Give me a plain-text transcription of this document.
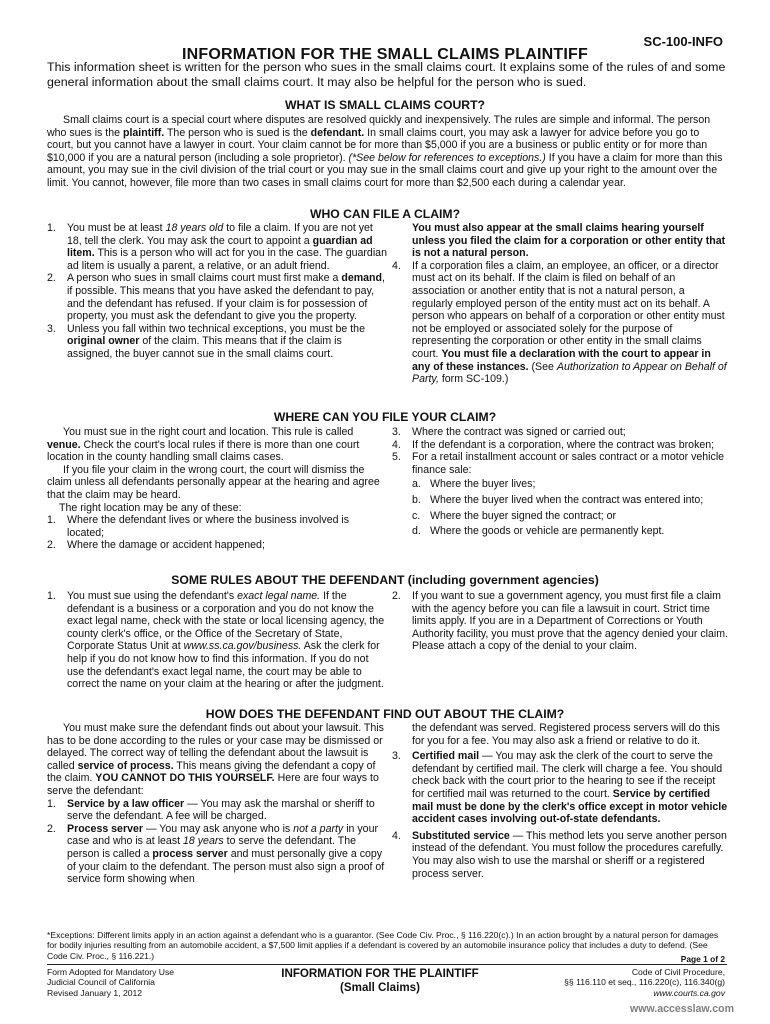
SC-100-INFO
INFORMATION FOR THE SMALL CLAIMS PLAINTIFF
This information sheet is written for the person who sues in the small claims court. It explains some of the rules of and some general information about the small claims court. It may also be helpful for the person who is sued.
WHAT IS SMALL CLAIMS COURT?
Small claims court is a special court where disputes are resolved quickly and inexpensively. The rules are simple and informal. The person who sues is the plaintiff. The person who is sued is the defendant. In small claims court, you may ask a lawyer for advice before you go to court, but you cannot have a lawyer in court. Your claim cannot be for more than $5,000 if you are a business or public entity or for more than $10,000 if you are a natural person (including a sole proprietor). (*See below for references to exceptions.) If you have a claim for more than this amount, you may sue in the civil division of the trial court or you may sue in the small claims court and give up your right to the amount over the limit. You cannot, however, file more than two cases in small claims court for more than $2,500 each during a calendar year.
WHO CAN FILE A CLAIM?
1. You must be at least 18 years old to file a claim. If you are not yet 18, tell the clerk. You may ask the court to appoint a guardian ad litem. This is a person who will act for you in the case. The guardian ad litem is usually a parent, a relative, or an adult friend.
2. A person who sues in small claims court must first make a demand, if possible. This means that you have asked the defendant to pay, and the defendant has refused. If your claim is for possession of property, you must ask the defendant to give you the property.
3. Unless you fall within two technical exceptions, you must be the original owner of the claim. This means that if the claim is assigned, the buyer cannot sue in the small claims court.
You must also appear at the small claims hearing yourself unless you filed the claim for a corporation or other entity that is not a natural person.
4. If a corporation files a claim, an employee, an officer, or a director must act on its behalf. If the claim is filed on behalf of an association or another entity that is not a natural person, a regularly employed person of the entity must act on its behalf. A person who appears on behalf of a corporation or other entity must not be employed or associated solely for the purpose of representing the corporation or other entity in the small claims court. You must file a declaration with the court to appear in any of these instances. (See Authorization to Appear on Behalf of Party, form SC-109.)
WHERE CAN YOU FILE YOUR CLAIM?
You must sue in the right court and location. This rule is called venue. Check the court's local rules if there is more than one court location in the county handling small claims cases.
If you file your claim in the wrong court, the court will dismiss the claim unless all defendants personally appear at the hearing and agree that the claim may be heard.
The right location may be any of these:
1. Where the defendant lives or where the business involved is located;
2. Where the damage or accident happened;
3. Where the contract was signed or carried out;
4. If the defendant is a corporation, where the contract was broken;
5. For a retail installment account or sales contract or a motor vehicle finance sale:
a. Where the buyer lives;
b. Where the buyer lived when the contract was entered into;
c. Where the buyer signed the contract; or
d. Where the goods or vehicle are permanently kept.
SOME RULES ABOUT THE DEFENDANT (including government agencies)
1. You must sue using the defendant's exact legal name. If the defendant is a business or a corporation and you do not know the exact legal name, check with the state or local licensing agency, the county clerk's office, or the Office of the Secretary of State, Corporate Status Unit at www.ss.ca.gov/business. Ask the clerk for help if you do not know how to find this information. If you do not use the defendant's exact legal name, the court may be able to correct the name on your claim at the hearing or after the judgment.
2. If you want to sue a government agency, you must first file a claim with the agency before you can file a lawsuit in court. Strict time limits apply. If you are in a Department of Corrections or Youth Authority facility, you must prove that the agency denied your claim. Please attach a copy of the denial to your claim.
HOW DOES THE DEFENDANT FIND OUT ABOUT THE CLAIM?
You must make sure the defendant finds out about your lawsuit. This has to be done according to the rules or your case may be dismissed or delayed. The correct way of telling the defendant about the lawsuit is called service of process. This means giving the defendant a copy of the claim. YOU CANNOT DO THIS YOURSELF. Here are four ways to serve the defendant:
1. Service by a law officer — You may ask the marshal or sheriff to serve the defendant. A fee will be charged.
2. Process server — You may ask anyone who is not a party in your case and who is at least 18 years to serve the defendant. The person is called a process server and must personally give a copy of your claim to the defendant. The person must also sign a proof of service form showing when
the defendant was served. Registered process servers will do this for you for a fee. You may also ask a friend or relative to do it.
3. Certified mail — You may ask the clerk of the court to serve the defendant by certified mail. The clerk will charge a fee. You should check back with the court prior to the hearing to see if the receipt for certified mail was returned to the court. Service by certified mail must be done by the clerk's office except in motor vehicle accident cases involving out-of-state defendants.
4. Substituted service — This method lets you serve another person instead of the defendant. You must follow the procedures carefully. You may also wish to use the marshal or sheriff or a registered process server.
*Exceptions: Different limits apply in an action against a defendant who is a guarantor. (See Code Civ. Proc., § 116.220(c).) In an action brought by a natural person for damages for bodily injuries resulting from an automobile accident, a $7,500 limit applies if a defendant is covered by an automobile insurance policy that includes a duty to defend. (See Code Civ. Proc., § 116.221.)	Page 1 of 2
Form Adopted for Mandatory Use
Judicial Council of California
Revised January 1, 2012
INFORMATION FOR THE PLAINTIFF
(Small Claims)
Code of Civil Procedure,
§§ 116.110 et seq., 116.220(c), 116.340(g)
www.courts.ca.gov
www.accesslaw.com
